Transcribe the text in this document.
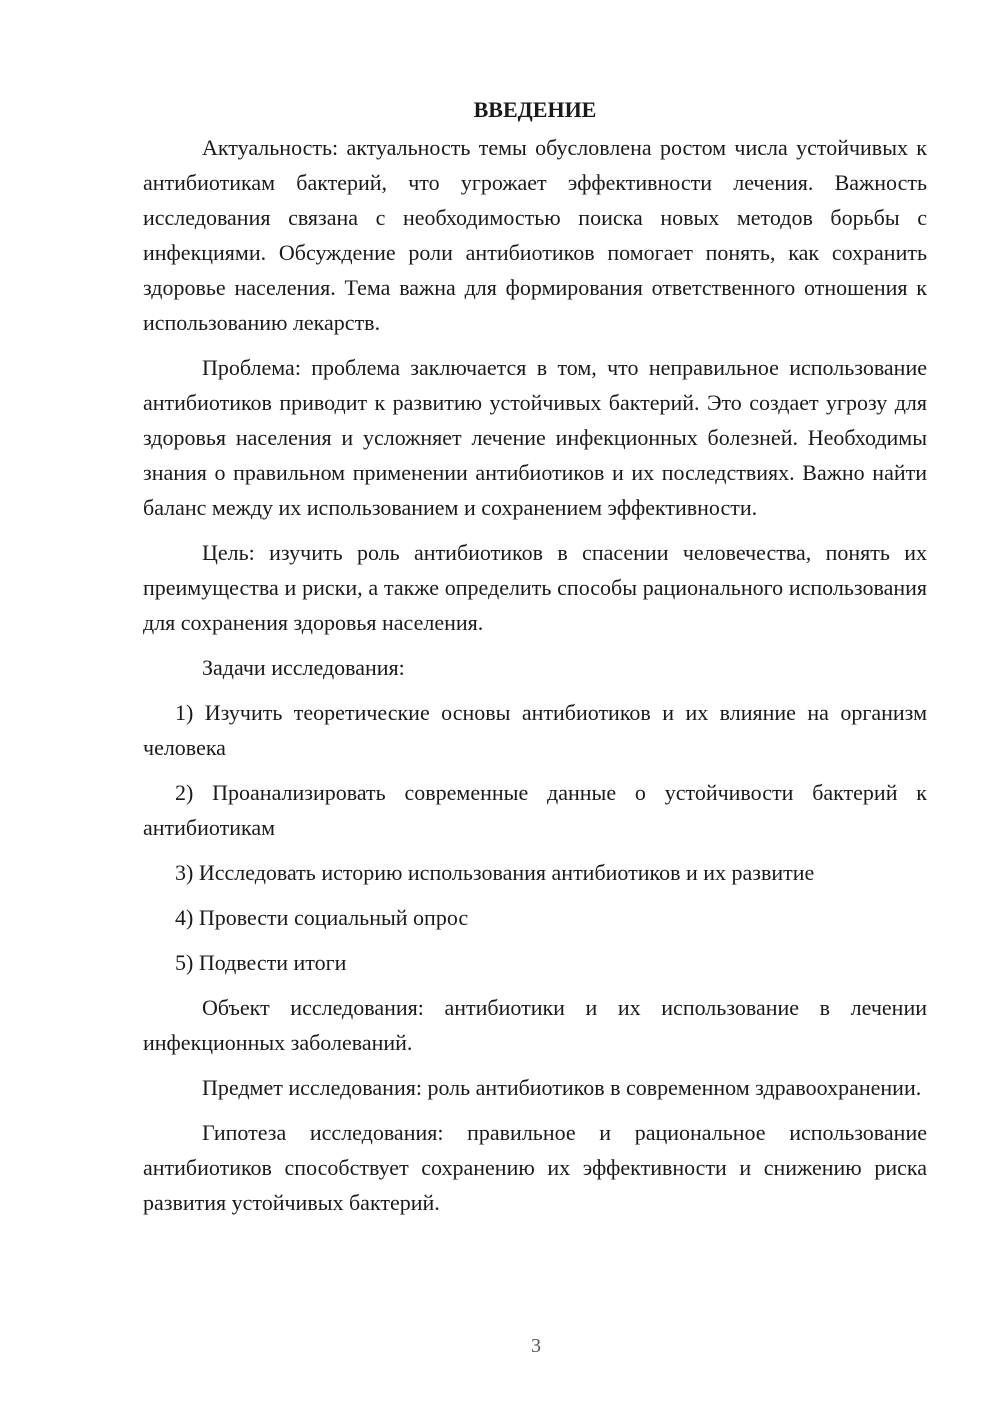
ВВЕДЕНИЕ

Актуальность: актуальность темы обусловлена ростом числа устойчивых к антибиотикам бактерий, что угрожает эффективности лечения. Важность исследования связана с необходимостью поиска новых методов борьбы с инфекциями. Обсуждение роли антибиотиков помогает понять, как сохранить здоровье населения. Тема важна для формирования ответственного отношения к использованию лекарств.

Проблема: проблема заключается в том, что неправильное использование антибиотиков приводит к развитию устойчивых бактерий. Это создает угрозу для здоровья населения и усложняет лечение инфекционных болезней. Необходимы знания о правильном применении антибиотиков и их последствиях. Важно найти баланс между их использованием и сохранением эффективности.

Цель: изучить роль антибиотиков в спасении человечества, понять их преимущества и риски, а также определить способы рационального использования для сохранения здоровья населения.

Задачи исследования:

1) Изучить теоретические основы антибиотиков и их влияние на организм человека

2) Проанализировать современные данные о устойчивости бактерий к антибиотикам

3) Исследовать историю использования антибиотиков и их развитие

4) Провести социальный опрос

5) Подвести итоги

Объект исследования: антибиотики и их использование в лечении инфекционных заболеваний.

Предмет исследования: роль антибиотиков в современном здравоохранении.

Гипотеза исследования: правильное и рациональное использование антибиотиков способствует сохранению их эффективности и снижению риска развития устойчивых бактерий.

3
